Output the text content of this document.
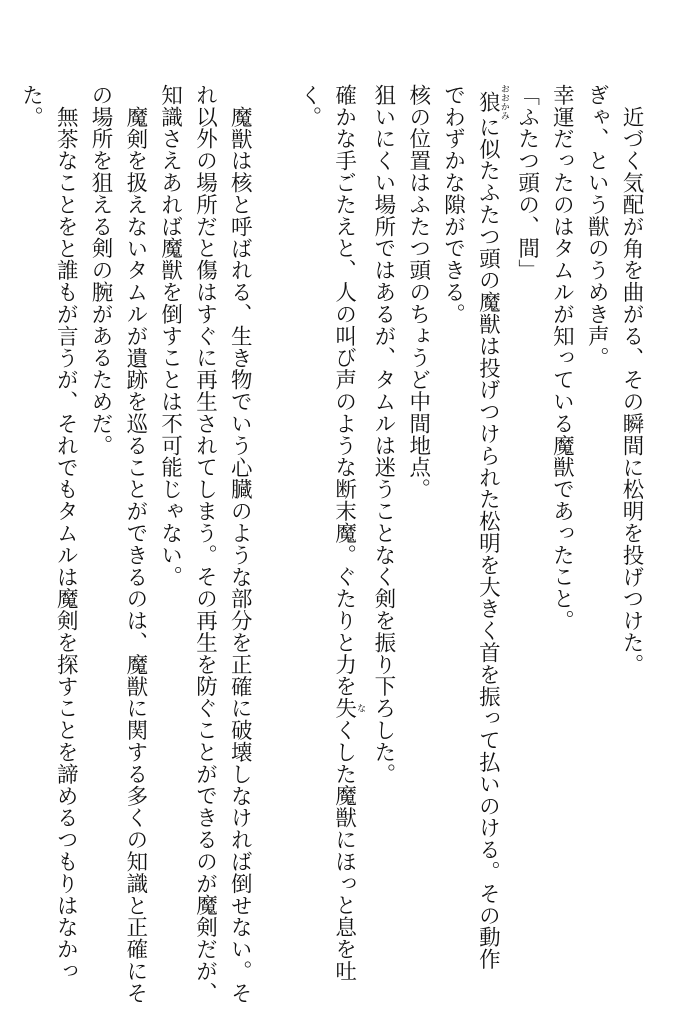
近づく気配が角を曲がる、その瞬間に松明を投げつけた。
ぎゃ、という獣のうめき声。
幸運だったのはタムルが知っている魔獣であったこと。
「ふたつ頭の、間」
狼おおかみに似たふたつ頭の魔獣は投げつけられた松明を大きく首を振って払いのける。その動作
でわずかな隙ができる。
核の位置はふたつ頭のちょうど中間地点。
狙いにくい場所ではあるが、タムルは迷うことなく剣を振り下ろした。
確かな手ごたえと、人の叫び声のような断末魔。ぐたりと力を失なくした魔獣にほっと息を吐
く。
魔獣は核と呼ばれる、生き物でいう心臓のような部分を正確に破壊しなければ倒せない。そ
れ以外の場所だと傷はすぐに再生されてしまう。その再生を防ぐことができるのが魔剣だが、
知識さえあれば魔獣を倒すことは不可能じゃない。
魔剣を扱えないタムルが遺跡を巡ることができるのは、魔獣に関する多くの知識と正確にそ
の場所を狙える剣の腕があるためだ。
無茶なことをと誰もが言うが、それでもタムルは魔剣を探すことを諦めるつもりはなかっ
た。
